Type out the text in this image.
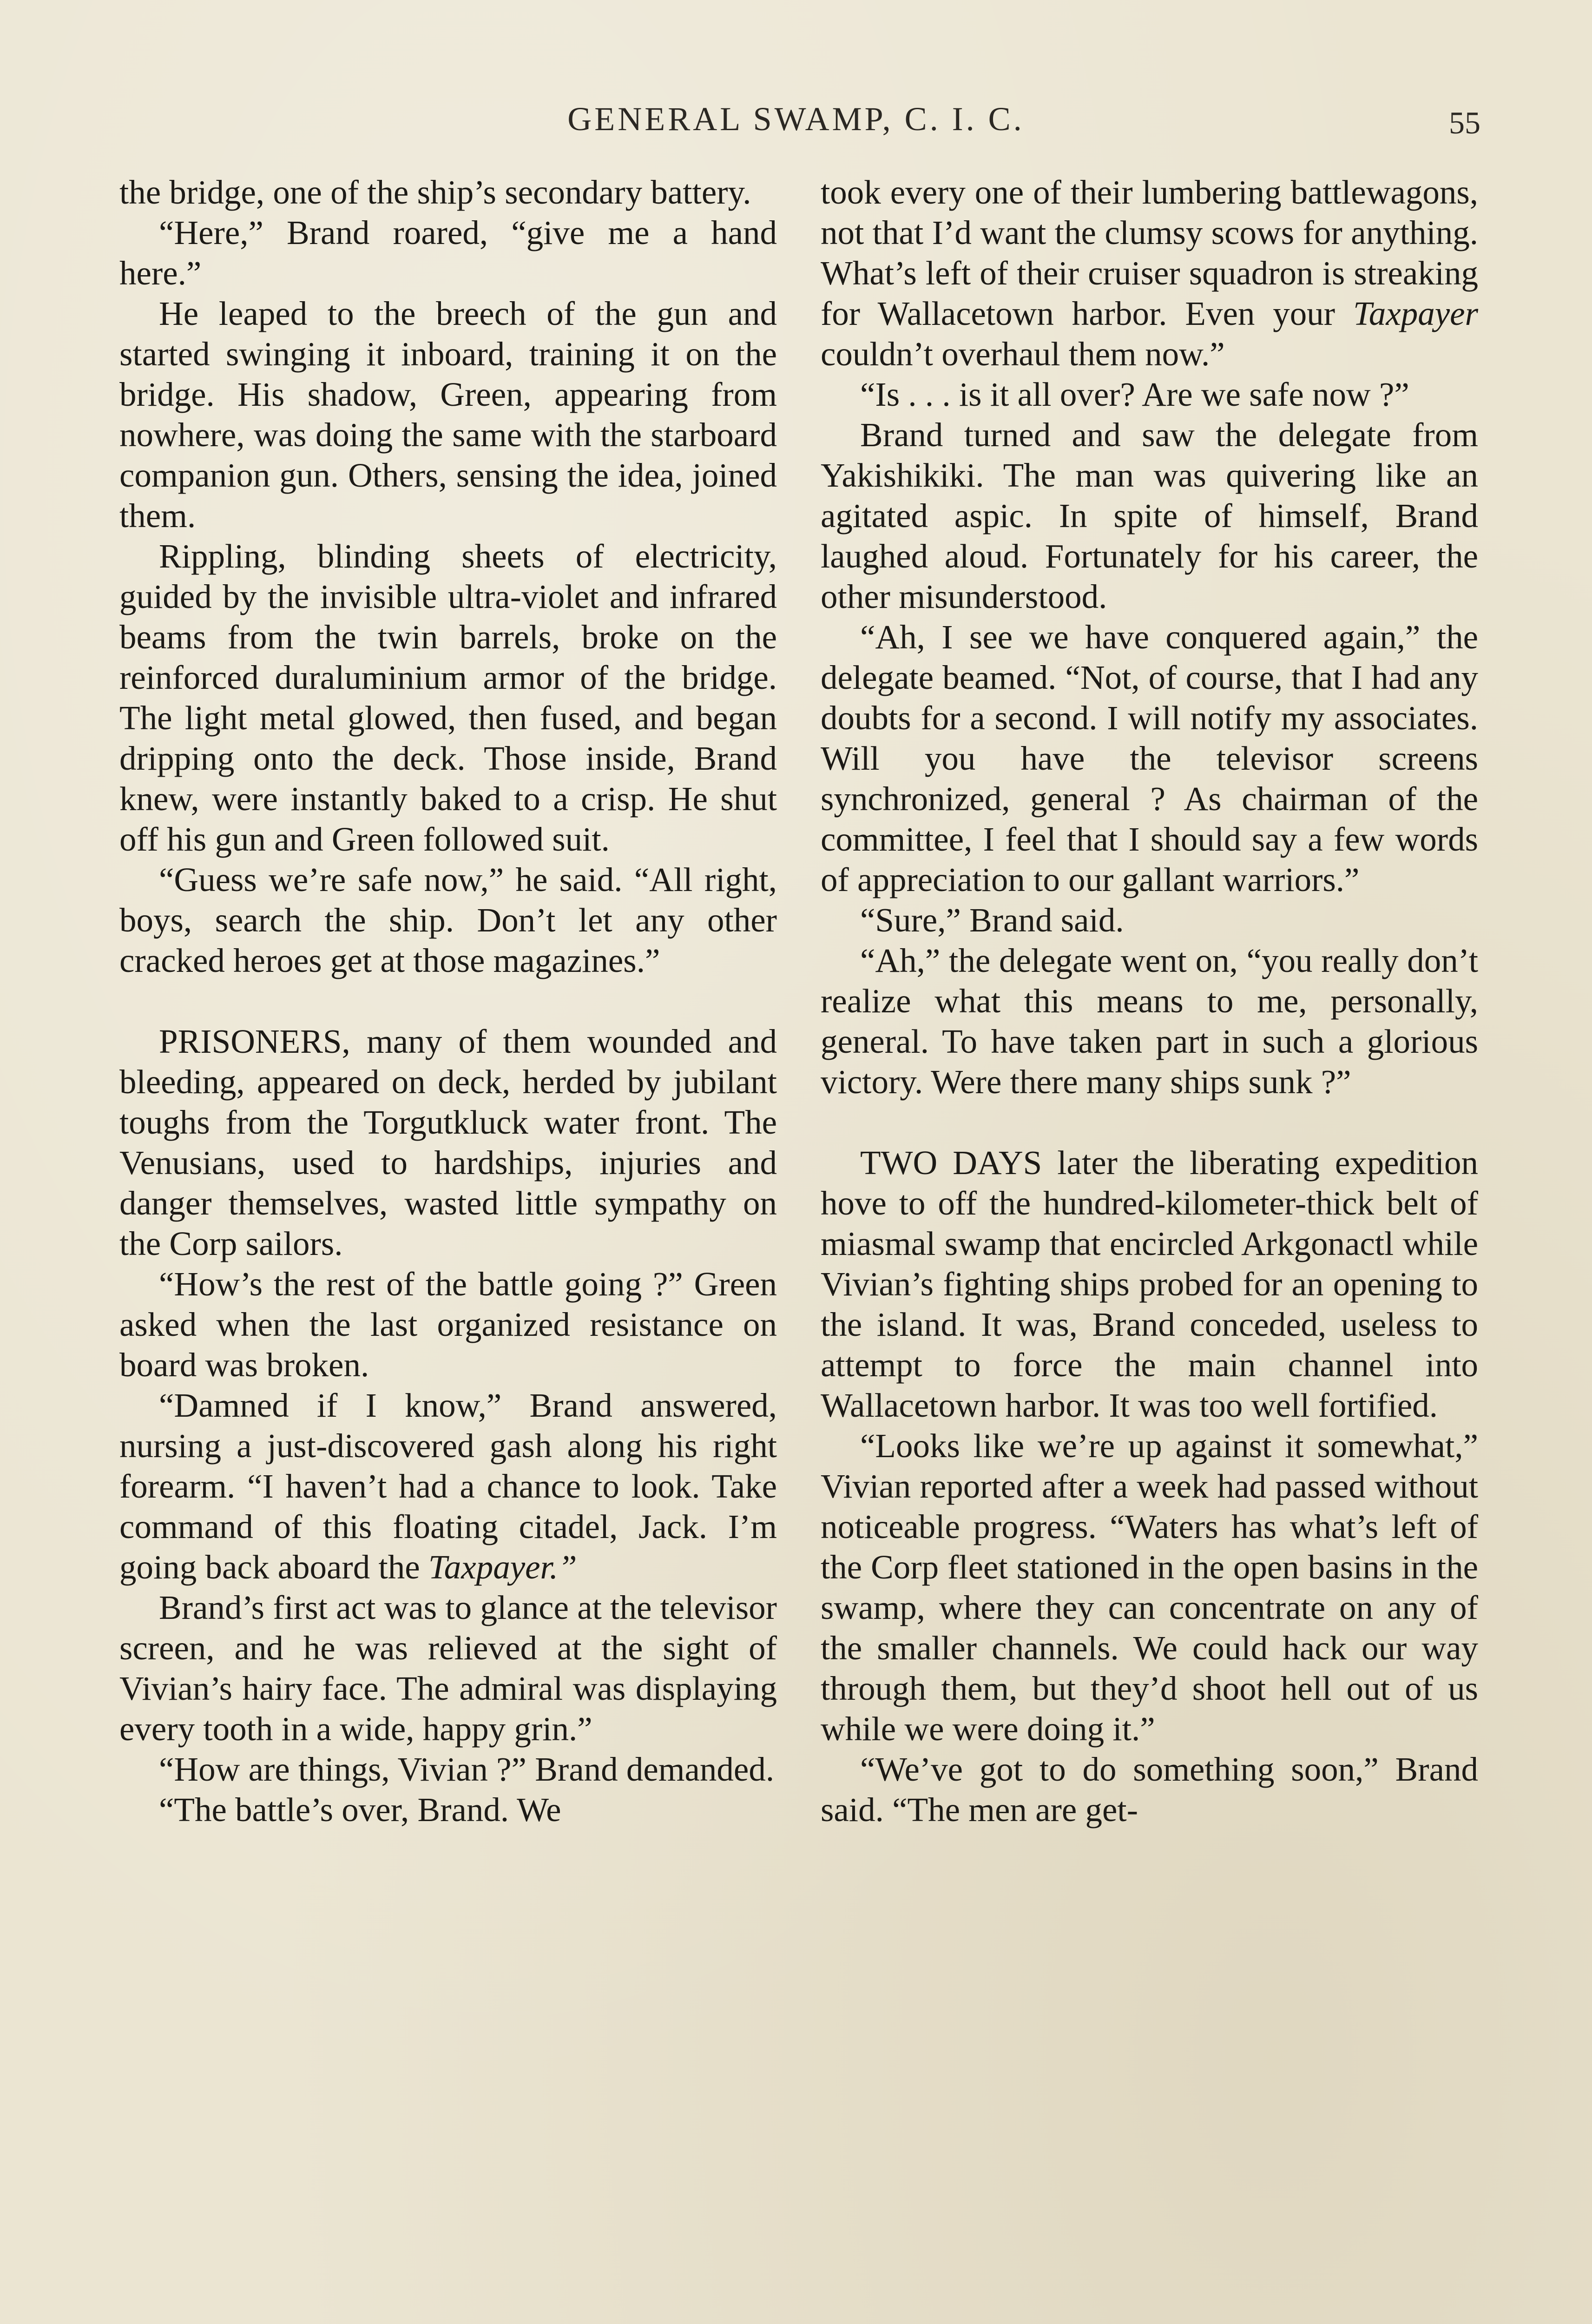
GENERAL SWAMP, C. I. C.	55

the bridge, one of the ship’s secondary battery.

“Here,” Brand roared, “give me a hand here.”

He leaped to the breech of the gun and started swinging it inboard, training it on the bridge. His shadow, Green, appearing from nowhere, was doing the same with the starboard companion gun. Others, sensing the idea, joined them.

Rippling, blinding sheets of electricity, guided by the invisible ultra-violet and infrared beams from the twin barrels, broke on the reinforced duraluminium armor of the bridge. The light metal glowed, then fused, and began dripping onto the deck. Those inside, Brand knew, were instantly baked to a crisp. He shut off his gun and Green followed suit.

“Guess we’re safe now,” he said. “All right, boys, search the ship. Don’t let any other cracked heroes get at those magazines.”

PRISONERS, many of them wounded and bleeding, appeared on deck, herded by jubilant toughs from the Torgutkluck water front. The Venusians, used to hardships, injuries and danger themselves, wasted little sympathy on the Corp sailors.

“How’s the rest of the battle going ?” Green asked when the last organized resistance on board was broken.

“Damned if I know,” Brand answered, nursing a just-discovered gash along his right forearm. “I haven’t had a chance to look. Take command of this floating citadel, Jack. I’m going back aboard the Taxpayer.”

Brand’s first act was to glance at the televisor screen, and he was relieved at the sight of Vivian’s hairy face. The admiral was displaying every tooth in a wide, happy grin.”

“How are things, Vivian ?” Brand demanded.

“The battle’s over, Brand. We

took every one of their lumbering battlewagons, not that I’d want the clumsy scows for anything. What’s left of their cruiser squadron is streaking for Wallacetown harbor. Even your Taxpayer couldn’t overhaul them now.”

“Is . . . is it all over? Are we safe now ?”

Brand turned and saw the delegate from Yakishikiki. The man was quivering like an agitated aspic. In spite of himself, Brand laughed aloud. Fortunately for his career, the other misunderstood.

“Ah, I see we have conquered again,” the delegate beamed. “Not, of course, that I had any doubts for a second. I will notify my associates. Will you have the televisor screens synchronized, general ? As chairman of the committee, I feel that I should say a few words of appreciation to our gallant warriors.”

“Sure,” Brand said.

“Ah,” the delegate went on, “you really don’t realize what this means to me, personally, general. To have taken part in such a glorious victory. Were there many ships sunk ?”

TWO DAYS later the liberating expedition hove to off the hundred-kilometer-thick belt of miasmal swamp that encircled Arkgonactl while Vivian’s fighting ships probed for an opening to the island. It was, Brand conceded, useless to attempt to force the main channel into Wallacetown harbor. It was too well fortified.

“Looks like we’re up against it somewhat,” Vivian reported after a week had passed without noticeable progress. “Waters has what’s left of the Corp fleet stationed in the open basins in the swamp, where they can concentrate on any of the smaller channels. We could hack our way through them, but they’d shoot hell out of us while we were doing it.”

“We’ve got to do something soon,” Brand said. “The men are get-
